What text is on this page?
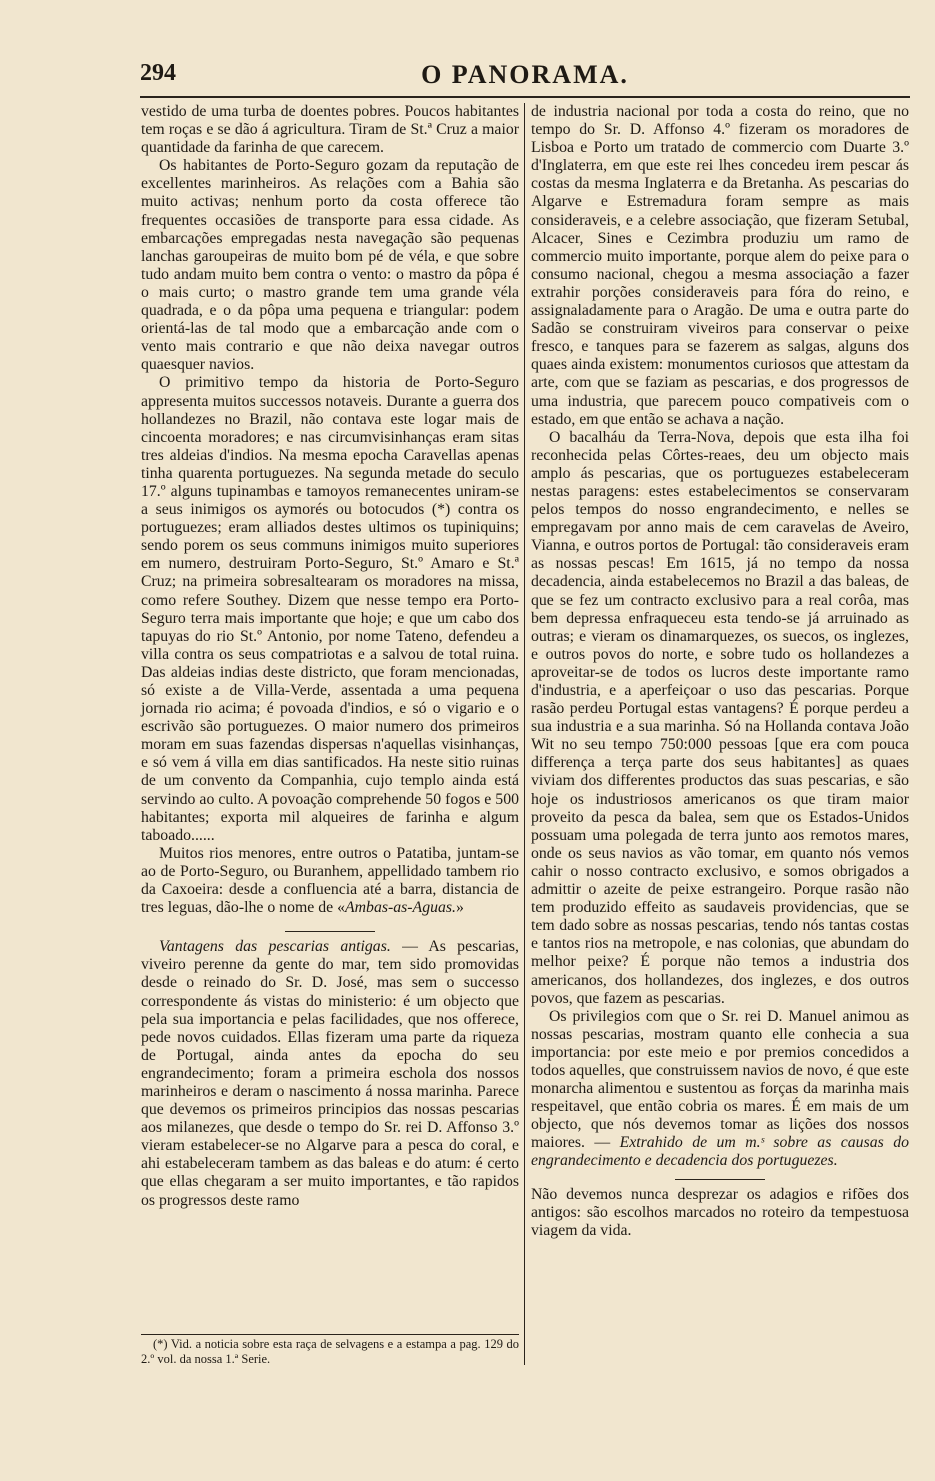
294	O PANORAMA.

vestido de uma turba de doentes pobres. Poucos habitantes tem roças e se dão á agricultura. Tiram de St.ª Cruz a maior quantidade da farinha de que carecem.

Os habitantes de Porto-Seguro gozam da reputação de excellentes marinheiros. As relações com a Bahia são muito activas; nenhum porto da costa offerece tão frequentes occasiões de transporte para essa cidade. As embarcações empregadas nesta navegação são pequenas lanchas garoupeiras de muito bom pé de véla, e que sobre tudo andam muito bem contra o vento: o mastro da pôpa é o mais curto; o mastro grande tem uma grande véla quadrada, e o da pôpa uma pequena e triangular: podem orientá-las de tal modo que a embarcação ande com o vento mais contrario e que não deixa navegar outros quaesquer navios.

O primitivo tempo da historia de Porto-Seguro appresenta muitos successos notaveis. Durante a guerra dos hollandezes no Brazil, não contava este logar mais de cincoenta moradores; e nas circumvisinhanças eram sitas tres aldeias d'indios. Na mesma epocha Caravellas apenas tinha quarenta portuguezes. Na segunda metade do seculo 17.º alguns tupinambas e tamoyos remanecentes uniram-se a seus inimigos os aymorés ou botocudos (*) contra os portuguezes; eram alliados destes ultimos os tupiniquins; sendo porem os seus communs inimigos muito superiores em numero, destruiram Porto-Seguro, St.º Amaro e St.ª Cruz; na primeira sobresaltearam os moradores na missa, como refere Southey. Dizem que nesse tempo era Porto-Seguro terra mais importante que hoje; e que um cabo dos tapuyas do rio St.º Antonio, por nome Tateno, defendeu a villa contra os seus compatriotas e a salvou de total ruina. Das aldeias indias deste districto, que foram mencionadas, só existe a de Villa-Verde, assentada a uma pequena jornada rio acima; é povoada d'indios, e só o vigario e o escrivão são portuguezes. O maior numero dos primeiros moram em suas fazendas dispersas n'aquellas visinhanças, e só vem á villa em dias santificados. Ha neste sitio ruinas de um convento da Companhia, cujo templo ainda está servindo ao culto. A povoação comprehende 50 fogos e 500 habitantes; exporta mil alqueires de farinha e algum taboado......

Muitos rios menores, entre outros o Patatiba, juntam-se ao de Porto-Seguro, ou Buranhem, appellidado tambem rio da Caxoeira: desde a confluencia até a barra, distancia de tres leguas, dão-lhe o nome de «Ambas-as-Aguas.»

Vantagens das pescarias antigas. — As pescarias, viveiro perenne da gente do mar, tem sido promovidas desde o reinado do Sr. D. José, mas sem o successo correspondente ás vistas do ministerio: é um objecto que pela sua importancia e pelas facilidades, que nos offerece, pede novos cuidados. Ellas fizeram uma parte da riqueza de Portugal, ainda antes da epocha do seu engrandecimento; foram a primeira eschola dos nossos marinheiros e deram o nascimento á nossa marinha. Parece que devemos os primeiros principios das nossas pescarias aos milanezes, que desde o tempo do Sr. rei D. Affonso 3.º vieram estabelecer-se no Algarve para a pesca do coral, e ahi estabeleceram tambem as das baleas e do atum: é certo que ellas chegaram a ser muito importantes, e tão rapidos os progressos deste ramo

(*) Vid. a noticia sobre esta raça de selvagens e a estampa a pag. 129 do 2.º vol. da nossa 1.ª Serie.

de industria nacional por toda a costa do reino, que no tempo do Sr. D. Affonso 4.º fizeram os moradores de Lisboa e Porto um tratado de commercio com Duarte 3.º d'Inglaterra, em que este rei lhes concedeu irem pescar ás costas da mesma Inglaterra e da Bretanha. As pescarias do Algarve e Estremadura foram sempre as mais consideraveis, e a celebre associação, que fizeram Setubal, Alcacer, Sines e Cezimbra produziu um ramo de commercio muito importante, porque alem do peixe para o consumo nacional, chegou a mesma associação a fazer extrahir porções consideraveis para fóra do reino, e assignaladamente para o Aragão. De uma e outra parte do Sadão se construiram viveiros para conservar o peixe fresco, e tanques para se fazerem as salgas, alguns dos quaes ainda existem: monumentos curiosos que attestam da arte, com que se faziam as pescarias, e dos progressos de uma industria, que parecem pouco compativeis com o estado, em que então se achava a nação.

O bacalháu da Terra-Nova, depois que esta ilha foi reconhecida pelas Côrtes-reaes, deu um objecto mais amplo ás pescarias, que os portuguezes estabeleceram nestas paragens: estes estabelecimentos se conservaram pelos tempos do nosso engrandecimento, e nelles se empregavam por anno mais de cem caravelas de Aveiro, Vianna, e outros portos de Portugal: tão consideraveis eram as nossas pescas! Em 1615, já no tempo da nossa decadencia, ainda estabelecemos no Brazil a das baleas, de que se fez um contracto exclusivo para a real corôa, mas bem depressa enfraqueceu esta tendo-se já arruinado as outras; e vieram os dinamarquezes, os suecos, os inglezes, e outros povos do norte, e sobre tudo os hollandezes a aproveitar-se de todos os lucros deste importante ramo d'industria, e a aperfeiçoar o uso das pescarias. Porque rasão perdeu Portugal estas vantagens? É porque perdeu a sua industria e a sua marinha. Só na Hollanda contava João Wit no seu tempo 750:000 pessoas [que era com pouca differença a terça parte dos seus habitantes] as quaes viviam dos differentes productos das suas pescarias, e são hoje os industriosos americanos os que tiram maior proveito da pesca da balea, sem que os Estados-Unidos possuam uma polegada de terra junto aos remotos mares, onde os seus navios as vão tomar, em quanto nós vemos cahir o nosso contracto exclusivo, e somos obrigados a admittir o azeite de peixe estrangeiro. Porque rasão não tem produzido effeito as saudaveis providencias, que se tem dado sobre as nossas pescarias, tendo nós tantas costas e tantos rios na metropole, e nas colonias, que abundam do melhor peixe? É porque não temos a industria dos americanos, dos hollandezes, dos inglezes, e dos outros povos, que fazem as pescarias.

Os privilegios com que o Sr. rei D. Manuel animou as nossas pescarias, mostram quanto elle conhecia a sua importancia: por este meio e por premios concedidos a todos aquelles, que construissem navios de novo, é que este monarcha alimentou e sustentou as forças da marinha mais respeitavel, que então cobria os mares. É em mais de um objecto, que nós devemos tomar as lições dos nossos maiores. — Extrahido de um m.ˢ sobre as causas do engrandecimento e decadencia dos portuguezes.

Não devemos nunca desprezar os adagios e rifões dos antigos: são escolhos marcados no roteiro da tempestuosa viagem da vida.
